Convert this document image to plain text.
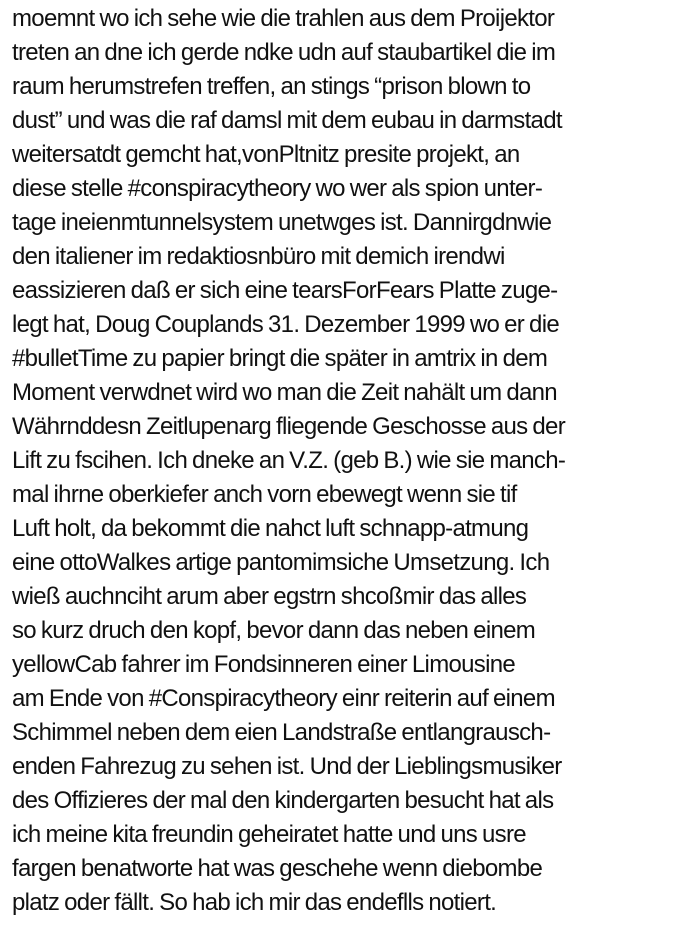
moemnt wo ich sehe wie die trahlen aus dem Proijektor
treten an dne ich gerde ndke udn auf staubartikel die im
raum herumstrefen treffen, an stings “prison blown to
dust” und was die raf damsl mit dem eubau in darmstadt
weitersatdt gemcht hat,vonPltnitz presite projekt, an
diese stelle #conspiracytheory wo wer als spion unter-
tage ineienmtunnelsystem unetwges ist. Dannirgdnwie
den italiener im redaktiosnbüro mit demich irendwi
eassizieren daß er sich eine tearsForFears Platte zuge-
legt hat, Doug Couplands 31. Dezember 1999 wo er die
#bulletTime zu papier bringt die später in amtrix in dem
Moment verwdnet wird wo man die Zeit nahält um dann
Währnddesn Zeitlupenarg fliegende Geschosse aus der
Lift zu fscihen. Ich dneke an V.Z. (geb B.) wie sie manch-
mal ihrne oberkiefer anch vorn ebewegt wenn sie tif
Luft holt, da bekommt die nahct luft schnapp-atmung
eine ottoWalkes artige pantomimsiche Umsetzung. Ich
wieß auchnciht arum aber egstrn shcoßmir das alles
so kurz druch den kopf, bevor dann das neben einem
yellowCab fahrer im Fondsinneren einer Limousine
am Ende von #Conspiracytheory einr reiterin auf einem
Schimmel neben dem eien Landstraße entlangrausch-
enden Fahrezug zu sehen ist. Und der Lieblingsmusiker
des Offizieres der mal den kindergarten besucht hat als
ich meine kita freundin geheiratet hatte und uns usre
fargen benatworte hat was geschehe wenn diebombe
platz oder fällt. So hab ich mir das endeflls notiert.
